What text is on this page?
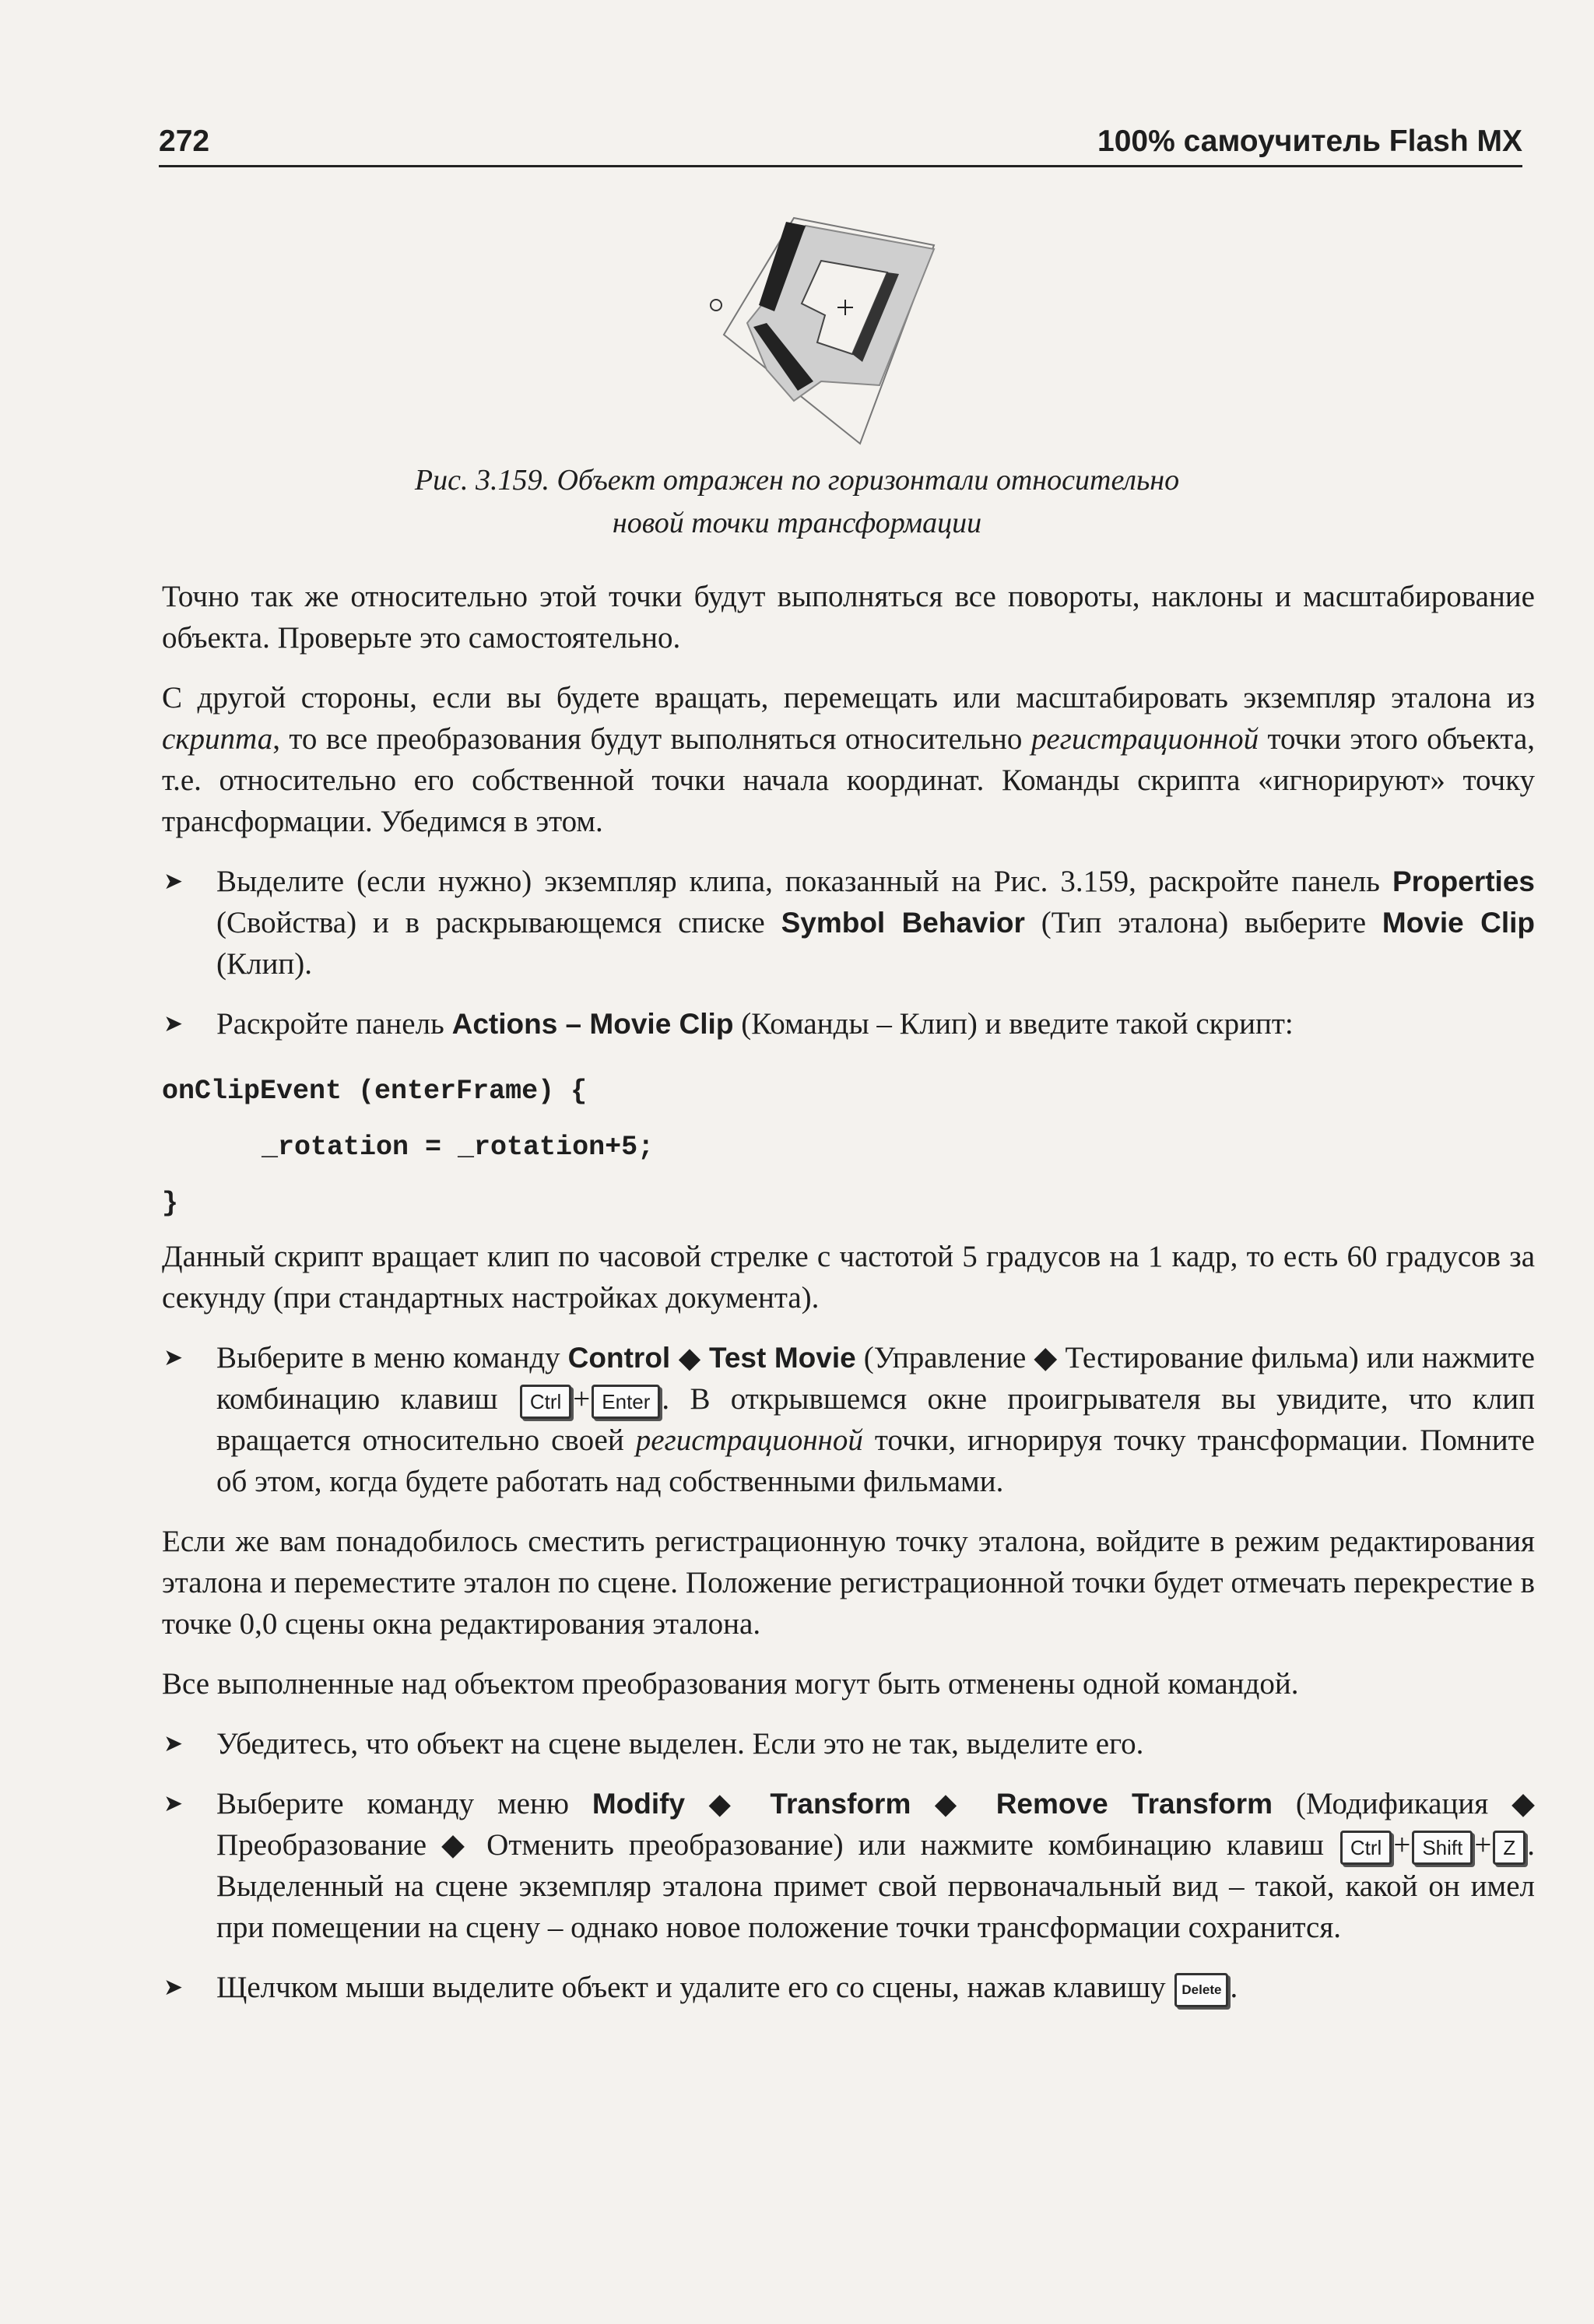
272	100% самоучитель Flash MX
Рис. 3.159. Объект отражен по горизонтали относительно
новой точки трансформации

Точно так же относительно этой точки будут выполняться все повороты, наклоны и масштабирование объекта. Проверьте это самостоятельно.

С другой стороны, если вы будете вращать, перемещать или масштабировать экземпляр эталона из скрипта, то все преобразования будут выполняться относительно регистрационной точки этого объекта, т.е. относительно его собственной точки начала координат. Команды скрипта «игнорируют» точку трансформации. Убедимся в этом.

➤ Выделите (если нужно) экземпляр клипа, показанный на Рис. 3.159, раскройте панель Properties (Свойства) и в раскрывающемся списке Symbol Behavior (Тип эталона) выберите Movie Clip (Клип).
➤ Раскройте панель Actions – Movie Clip (Команды – Клип) и введите такой скрипт:
onClipEvent (enterFrame) {
_rotation = _rotation+5;
}

Данный скрипт вращает клип по часовой стрелке с частотой 5 градусов на 1 кадр, то есть 60 градусов за секунду (при стандартных настройках документа).

➤ Выберите в меню команду Control ◆ Test Movie (Управление ◆ Тестирование фильма) или нажмите комбинацию клавиш Ctrl + Enter . В открывшемся окне проигрывателя вы увидите, что клип вращается относительно своей регистрационной точки, игнорируя точку трансформации. Помните об этом, когда будете работать над собственными фильмами.

Если же вам понадобилось сместить регистрационную точку эталона, войдите в режим редактирования эталона и переместите эталон по сцене. Положение регистрационной точки будет отмечать перекрестие в точке 0,0 сцены окна редактирования эталона.

Все выполненные над объектом преобразования могут быть отменены одной командой.

➤ Убедитесь, что объект на сцене выделен. Если это не так, выделите его.
➤ Выберите команду меню Modify ◆ Transform ◆ Remove Transform (Модификация ◆ Преобразование ◆ Отменить преобразование) или нажмите комбинацию клавиш Ctrl + Shift + Z . Выделенный на сцене экземпляр эталона примет свой первоначальный вид – такой, какой он имел при помещении на сцену – однако новое положение точки трансформации сохранится.
➤ Щелчком мыши выделите объект и удалите его со сцены, нажав клавишу Delete .
